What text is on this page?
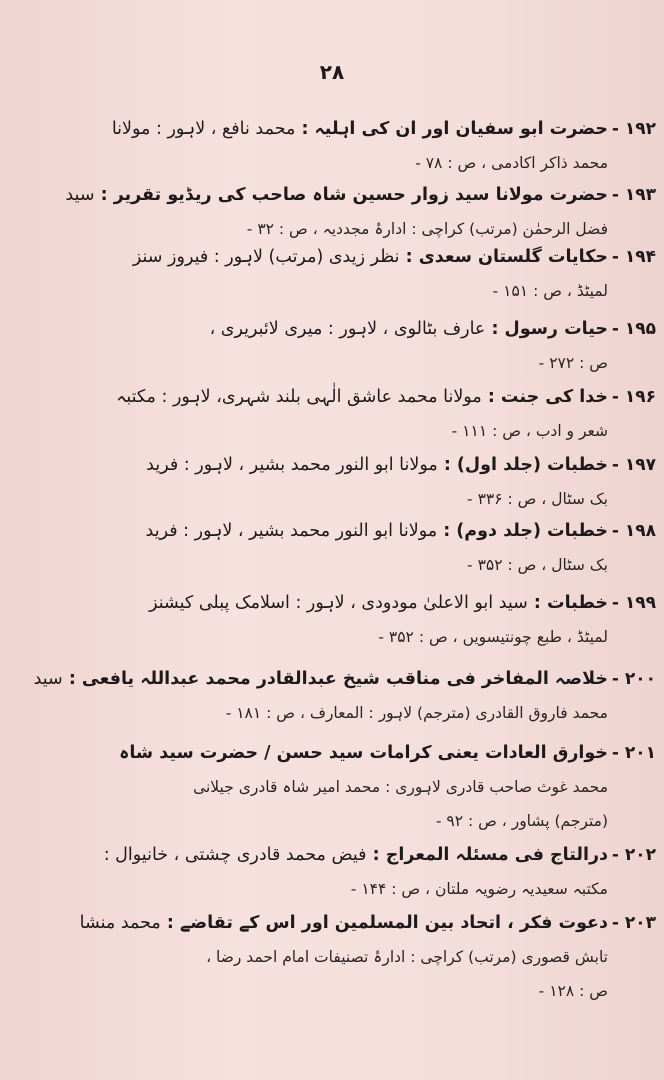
۲۸
۱۹۲ -
حضرت ابو سفیان اور ان کی اہلیہ : محمد نافع ، لاہور : مولانا
محمد ذاکر اکادمی ، ص : ۷۸ -
۱۹۳ -
حضرت مولانا سید زوار حسین شاہ صاحب کی ریڈیو تقریر : سید
فضل الرحمٰن (مرتب) کراچی : ادارۂ مجددیہ ، ص : ۳۲ -
۱۹۴ -
حکایات گلستان سعدی : نظر زیدی (مرتب) لاہور : فیروز سنز
لمیٹڈ ، ص : ۱۵۱ -
۱۹۵ -
حیات رسول : عارف بٹالوی ، لاہور : میری لائبریری ،
ص : ۲۷۲ -
۱۹۶ -
خدا کی جنت : مولانا محمد عاشق الٰہی بلند شہری، لاہور : مکتبہ
شعر و ادب ، ص : ۱۱۱ -
۱۹۷ -
خطبات (جلد اول) : مولانا ابو النور محمد بشیر ، لاہور : فرید
بک سٹال ، ص : ۳۳۶ -
۱۹۸ -
خطبات (جلد دوم) : مولانا ابو النور محمد بشیر ، لاہور : فرید
بک سٹال ، ص : ۳۵۲ -
۱۹۹ -
خطبات : سید ابو الاعلیٰ مودودی ، لاہور : اسلامک پبلی کیشنز
لمیٹڈ ، طبع چونتیسویں ، ص : ۳۵۲ -
۲۰۰ -
خلاصہ المفاخر فی مناقب شیخ عبدالقادر محمد عبداللہ یافعی : سید
محمد فاروق القادری (مترجم) لاہور : المعارف ، ص : ۱۸۱ -
۲۰۱ -
خوارق العادات یعنی کرامات سید حسن / حضرت سید شاہ
محمد غوث صاحب قادری لاہوری : محمد امیر شاہ قادری جیلانی
(مترجم) پشاور ، ص : ۹۲ -
۲۰۲ -
درالتاج فی مسئلہ المعراج : فیض محمد قادری چشتی ، خانیوال :
مکتبہ سعیدیہ رضویہ ملتان ، ص : ۱۴۴ -
۲۰۳ -
دعوت فکر ، اتحاد بین المسلمین اور اس کے تقاضے : محمد منشا
تابش قصوری (مرتب) کراچی : ادارۂ تصنیفات امام احمد رضا ،
ص : ۱۲۸ -
